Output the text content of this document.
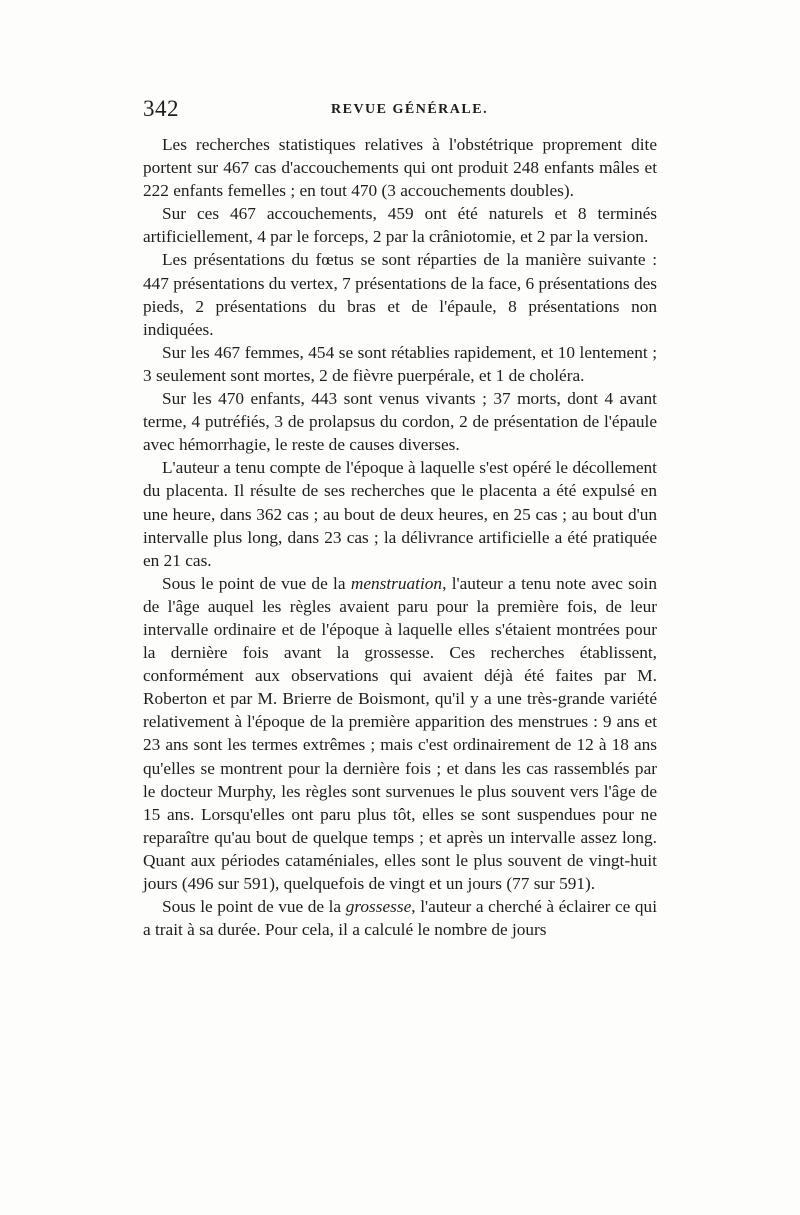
342	REVUE GÉNÉRALE.

Les recherches statistiques relatives à l'obstétrique proprement dite portent sur 467 cas d'accouchements qui ont produit 248 enfants mâles et 222 enfants femelles ; en tout 470 (3 accouchements doubles).

Sur ces 467 accouchements, 459 ont été naturels et 8 terminés artificiellement, 4 par le forceps, 2 par la crâniotomie, et 2 par la version.

Les présentations du fœtus se sont réparties de la manière suivante : 447 présentations du vertex, 7 présentations de la face, 6 présentations des pieds, 2 présentations du bras et de l'épaule, 8 présentations non indiquées.

Sur les 467 femmes, 454 se sont rétablies rapidement, et 10 lentement ; 3 seulement sont mortes, 2 de fièvre puerpérale, et 1 de choléra.

Sur les 470 enfants, 443 sont venus vivants ; 37 morts, dont 4 avant terme, 4 putréfiés, 3 de prolapsus du cordon, 2 de présentation de l'épaule avec hémorrhagie, le reste de causes diverses.

L'auteur a tenu compte de l'époque à laquelle s'est opéré le décollement du placenta. Il résulte de ses recherches que le placenta a été expulsé en une heure, dans 362 cas ; au bout de deux heures, en 25 cas ; au bout d'un intervalle plus long, dans 23 cas ; la délivrance artificielle a été pratiquée en 21 cas.

Sous le point de vue de la menstruation, l'auteur a tenu note avec soin de l'âge auquel les règles avaient paru pour la première fois, de leur intervalle ordinaire et de l'époque à laquelle elles s'étaient montrées pour la dernière fois avant la grossesse. Ces recherches établissent, conformément aux observations qui avaient déjà été faites par M. Roberton et par M. Brierre de Boismont, qu'il y a une très-grande variété relativement à l'époque de la première apparition des menstrues : 9 ans et 23 ans sont les termes extrêmes ; mais c'est ordinairement de 12 à 18 ans qu'elles se montrent pour la dernière fois ; et dans les cas rassemblés par le docteur Murphy, les règles sont survenues le plus souvent vers l'âge de 15 ans. Lorsqu'elles ont paru plus tôt, elles se sont suspendues pour ne reparaître qu'au bout de quelque temps ; et après un intervalle assez long. Quant aux périodes cataméniales, elles sont le plus souvent de vingt-huit jours (496 sur 591), quelquefois de vingt et un jours (77 sur 591).

Sous le point de vue de la grossesse, l'auteur a cherché à éclairer ce qui a trait à sa durée. Pour cela, il a calculé le nombre de jours
